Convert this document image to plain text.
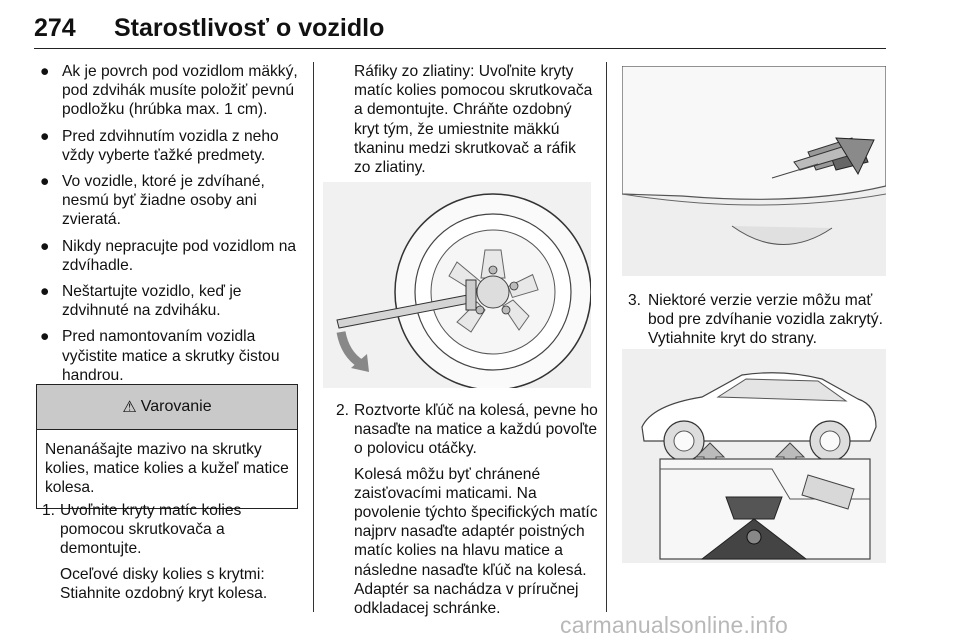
274 Starostlivosť o vozidlo
● Ak je povrch pod vozidlom mäkký, pod zdvihák musíte položiť pevnú podložku (hrúbka max. 1 cm).
● Pred zdvihnutím vozidla z neho vždy vyberte ťažké predmety.
● Vo vozidle, ktoré je zdvíhané, nesmú byť žiadne osoby ani zvieratá.
● Nikdy nepracujte pod vozidlom na zdvíhadle.
● Neštartujte vozidlo, keď je zdvihnuté na zdviháku.
● Pred namontovaním vozidla vyčistite matice a skrutky čistou handrou.
⚠ Varovanie
Nenanášajte mazivo na skrutky kolies, matice kolies a kužeľ matice kolesa.
1. Uvoľnite kryty matíc kolies pomocou skrutkovača a demontujte.
Oceľové disky kolies s krytmi: Stiahnite ozdobný kryt kolesa.
Ráfiky zo zliatiny: Uvoľnite kryty matíc kolies pomocou skrutkovača a demontujte. Chráňte ozdobný kryt tým, že umiestnite mäkkú tkaninu medzi skrutkovač a ráfik zo zliatiny.
2. Roztvorte kľúč na kolesá, pevne ho nasaďte na matice a každú povoľte o polovicu otáčky.
Kolesá môžu byť chránené zaisťovacími maticami. Na povolenie týchto špecifických matíc najprv nasaďte adaptér poistných matíc kolies na hlavu matice a následne nasaďte kľúč na kolesá. Adaptér sa nachádza v príručnej odkladacej schránke.
3. Niektoré verzie verzie môžu mať bod pre zdvíhanie vozidla zakrytý. Vytiahnite kryt do strany.
carmanualsonline.info
